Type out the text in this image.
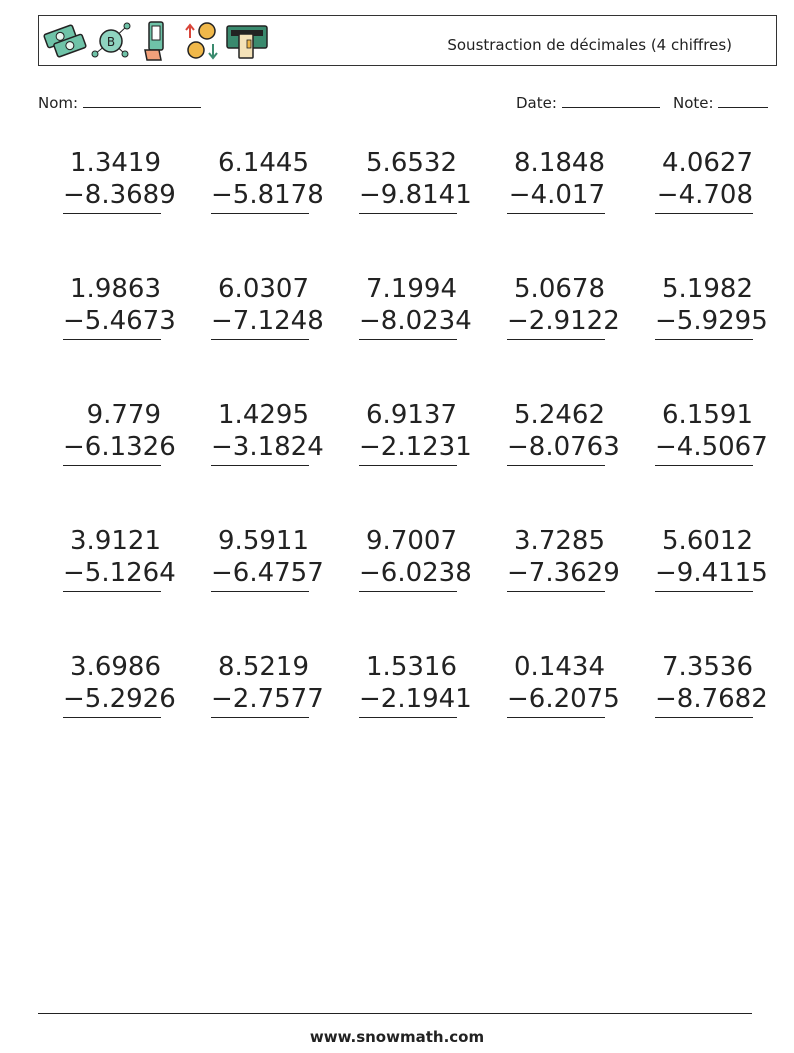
B	Soustraction de décimales (4 chiffres)
Nom:	Date:	Note:
1.3419
−8.3689
6.1445
−5.8178
5.6532
−9.8141
8.1848
−4.017
4.0627
−4.708
1.9863
−5.4673
6.0307
−7.1248
7.1994
−8.0234
5.0678
−2.9122
5.1982
−5.9295
9.779
−6.1326
1.4295
−3.1824
6.9137
−2.1231
5.2462
−8.0763
6.1591
−4.5067
3.9121
−5.1264
9.5911
−6.4757
9.7007
−6.0238
3.7285
−7.3629
5.6012
−9.4115
3.6986
−5.2926
8.5219
−2.7577
1.5316
−2.1941
0.1434
−6.2075
7.3536
−8.7682
www.snowmath.com
